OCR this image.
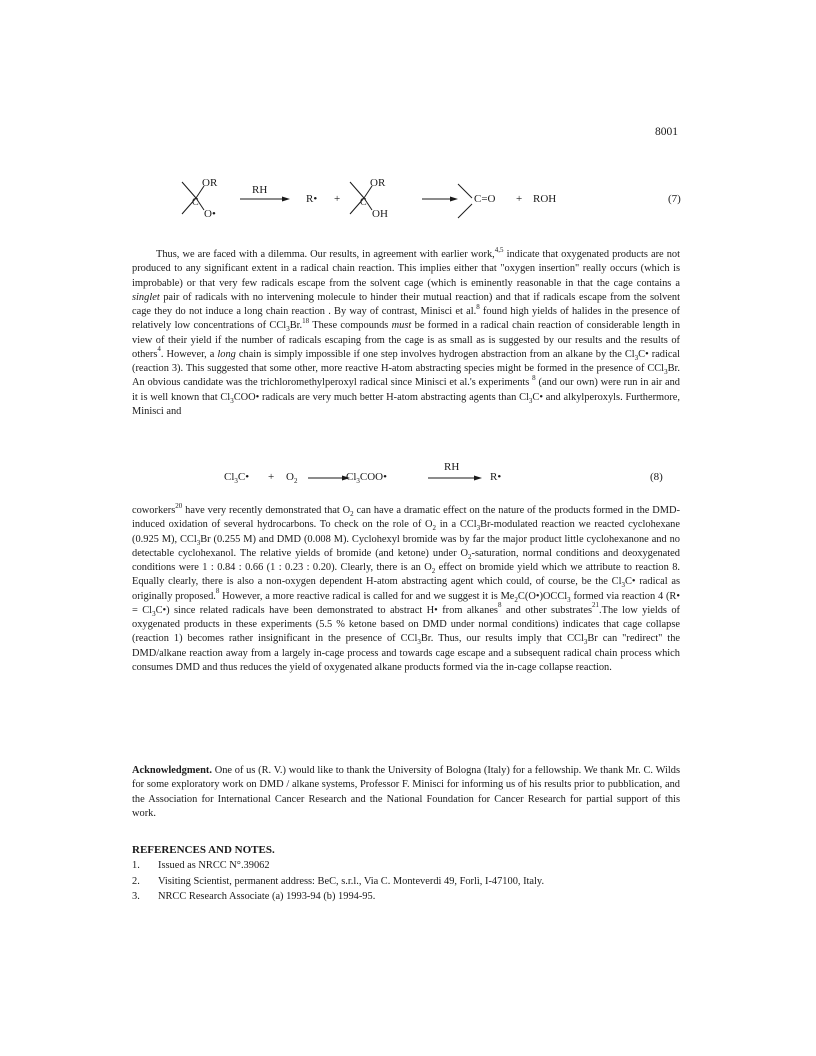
8001
OR
C
O•
RH
R• +
OR
C
OH
C=O + ROH	(7)

Thus, we are faced with a dilemma. Our results, in agreement with earlier work,$^{4,5}$ indicate that oxygenated products are not produced to any significant extent in a radical chain reaction. This implies either that "oxygen insertion" really occurs (which is improbable) or that very few radicals escape from the solvent cage (which is eminently reasonable in that the cage contains a singlet pair of radicals with no intervening molecule to hinder their mutual reaction) and that if radicals escape from the solvent cage they do not induce a long chain reaction . By way of contrast, Minisci et al.$^8$ found high yields of halides in the presence of relatively low concentrations of CCl$_3$Br.$^{18}$ These compounds must be formed in a radical chain reaction of considerable length in view of their yield if the number of radicals escaping from the cage is as small as is suggested by our results and the results of others$^4$. However, a long chain is simply impossible if one step involves hydrogen abstraction from an alkane by the $Cl_3C•$ radical (reaction 3). This suggested that some other, more reactive H-atom abstracting species might be formed in the presence of CCl$_3$Br. An obvious candidate was the trichloromethylperoxyl radical since Minisci et al.'s experiments $^8$ (and our own) were run in air and it is well known that $Cl_3COO•$ radicals are very much better H-atom abstracting agents than $Cl_3C•$ and alkylperoxyls. Furthermore, Minisci and

$Cl_3C• + O_2$ →
$Cl_3COO•$
RH
R•	(8)

coworkers$^{20}$ have very recently demonstrated that $O_2$ can have a dramatic effect on the nature of the products formed in the DMD-induced oxidation of several hydrocarbons. To check on the role of $O_2$ in a CCl$_3$Br-modulated reaction we reacted cyclohexane (0.925 M), CCl$_3$Br (0.255 M) and DMD (0.008 M). Cyclohexyl bromide was by far the major product little cyclohexanone and no detectable cyclohexanol. The relative yields of bromide (and ketone) under $O_2$-saturation, normal conditions and deoxygenated conditions were 1 : 0.84 : 0.66 (1 : 0.23 : 0.20). Clearly, there is an $O_2$ effect on bromide yield which we attribute to reaction 8. Equally clearly, there is also a non-oxygen dependent H-atom abstracting agent which could, of course, be the $Cl_3C•$ radical as originally proposed.$^8$ However, a more reactive radical is called for and we suggest it is $Me_2C(O•)OCCl_3$ formed via reaction 4 (R• = $Cl_3C•$) since related radicals have been demonstrated to abstract H• from alkanes$^8$ and other substrates$^{21}$.The low yields of oxygenated products in these experiments (5.5 % ketone based on DMD under normal conditions) indicates that cage collapse (reaction 1) becomes rather insignificant in the presence of CCl$_3$Br. Thus, our results imply that CCl$_3$Br can "redirect" the DMD/alkane reaction away from a largely in-cage process and towards cage escape and a subsequent radical chain process which consumes DMD and thus reduces the yield of oxygenated alkane products formed via the in-cage collapse reaction.

Acknowledgment. One of us (R. V.) would like to thank the University of Bologna (Italy) for a fellowship. We thank Mr. C. Wilds for some exploratory work on DMD / alkane systems, Professor F. Minisci for informing us of his results prior to pubblication, and the Association for International Cancer Research and the National Foundation for Cancer Research for partial support of this work.

REFERENCES AND NOTES.
1.	Issued as NRCC N°.39062
2.	Visiting Scientist, permanent address: BeC, s.r.l., Via C. Monteverdi 49, Forlì, I-47100, Italy.
3.	NRCC Research Associate (a) 1993-94 (b) 1994-95.
